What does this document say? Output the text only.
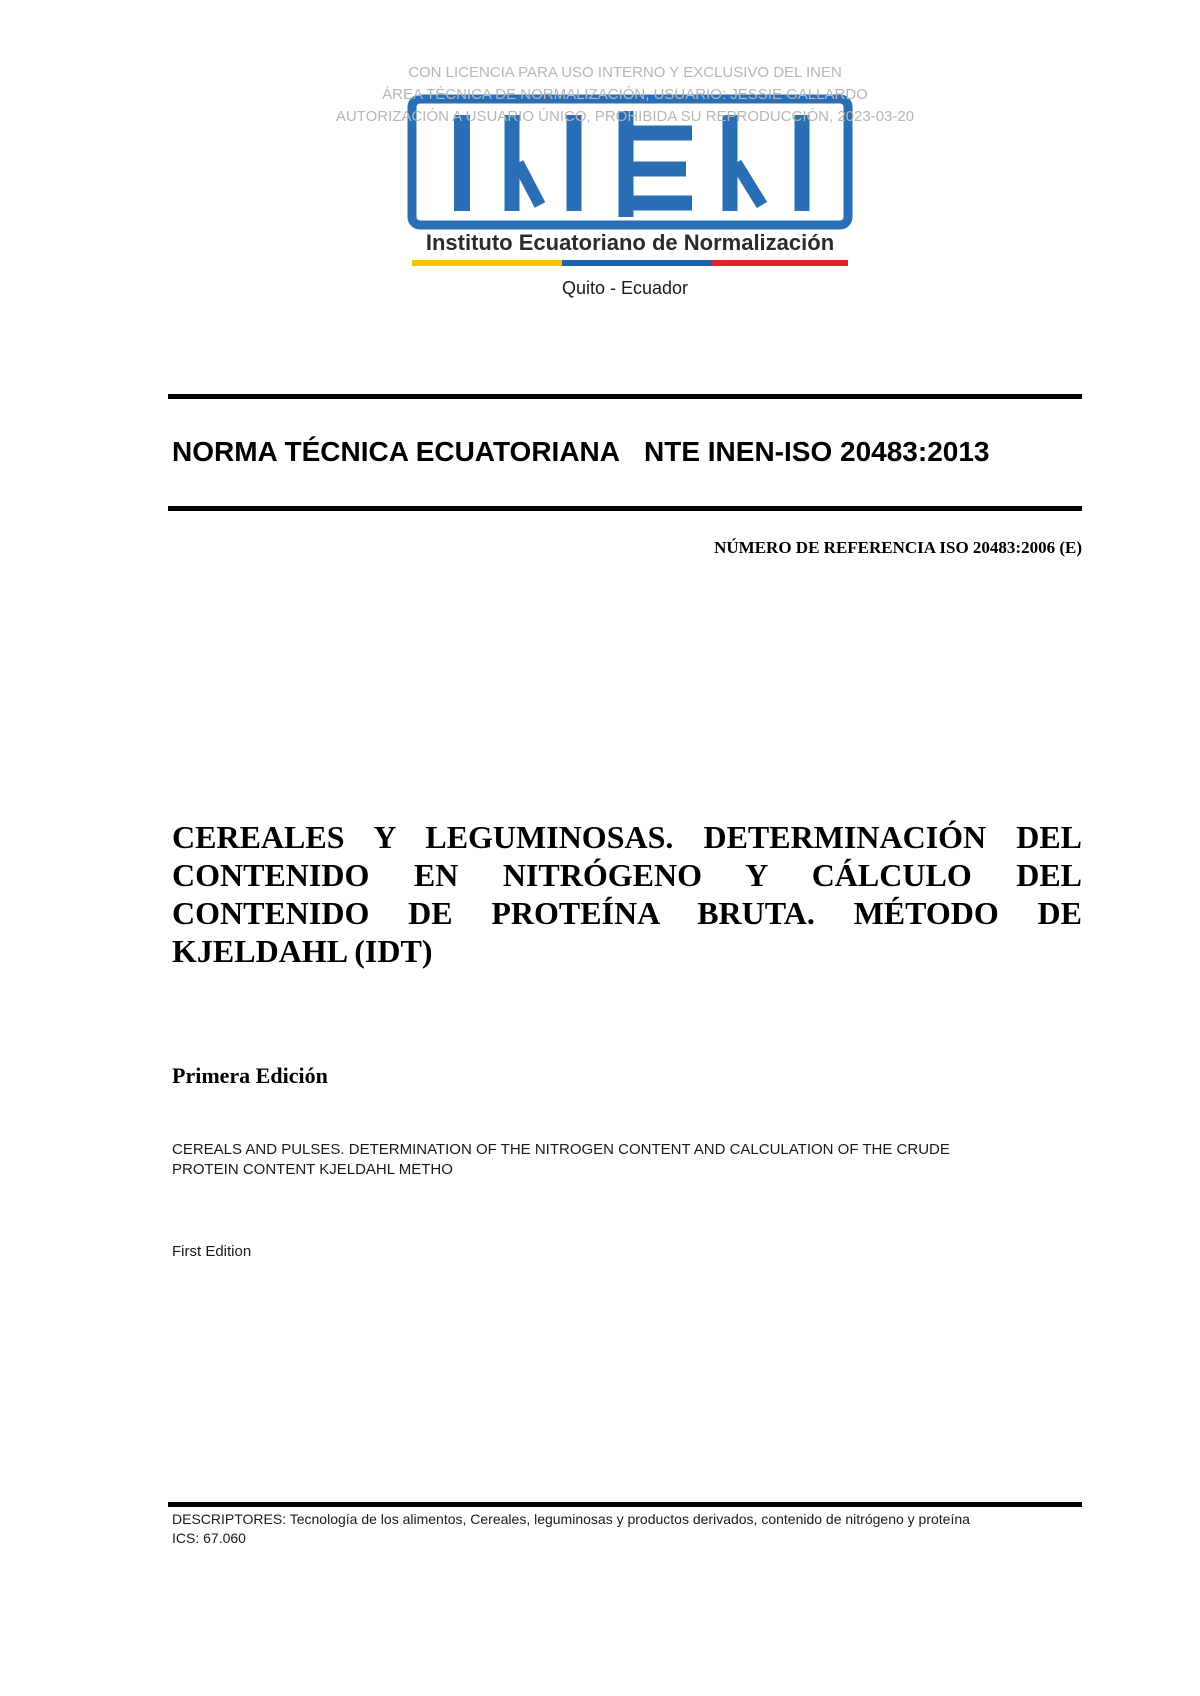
CON LICENCIA PARA USO INTERNO Y EXCLUSIVO DEL INEN
ÁREA TÉCNICA DE NORMALIZACIÓN, USUARIO: JESSIE GALLARDO
AUTORIZACIÓN A USUARIO ÚNICO, PROHIBIDA SU REPRODUCCIÓN, 2023-03-20
Instituto Ecuatoriano de Normalización
Quito - Ecuador
NORMA TÉCNICA ECUATORIANA NTE INEN-ISO 20483:2013
NÚMERO DE REFERENCIA ISO 20483:2006 (E)
CEREALES Y LEGUMINOSAS. DETERMINACIÓN DEL CONTENIDO EN NITRÓGENO Y CÁLCULO DEL CONTENIDO DE PROTEÍNA BRUTA. MÉTODO DE KJELDAHL (IDT)
Primera Edición
CEREALS AND PULSES. DETERMINATION OF THE NITROGEN CONTENT AND CALCULATION OF THE CRUDE
PROTEIN CONTENT KJELDAHL METHO
First Edition
DESCRIPTORES: Tecnología de los alimentos, Cereales, leguminosas y productos derivados, contenido de nitrógeno y proteína
ICS: 67.060
